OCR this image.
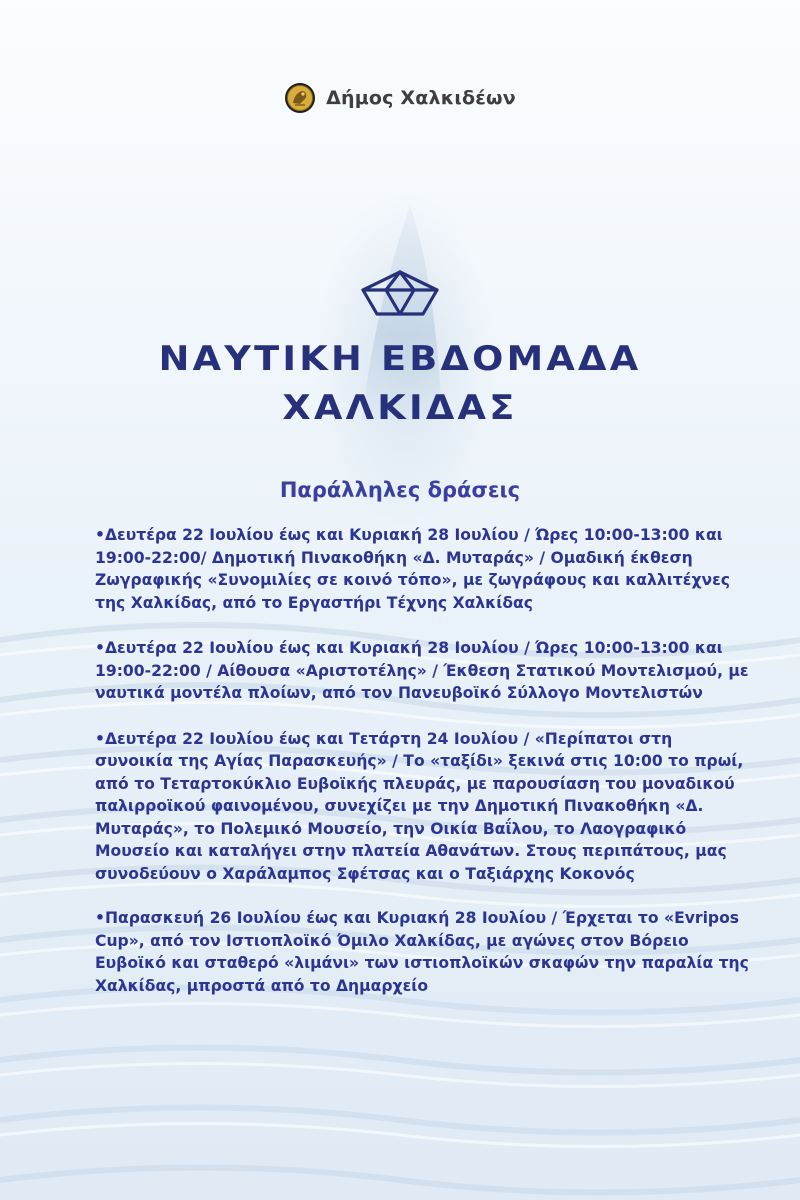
Δήμος Χαλκιδέων
ΝΑΥΤΙΚΗ ΕΒΔΟΜΑΔΑ
ΧΑΛΚΙΔΑΣ
Παράλληλες δράσεις

•Δευτέρα 22 Ιουλίου έως και Κυριακή 28 Ιουλίου / Ώρες 10:00-13:00 και 19:00-22:00/ Δημοτική Πινακοθήκη «Δ. Μυταράς» / Ομαδική έκθεση Ζωγραφικής «Συνομιλίες σε κοινό τόπο», με ζωγράφους και καλλιτέχνες της Χαλκίδας, από το Εργαστήρι Τέχνης Χαλκίδας

•Δευτέρα 22 Ιουλίου έως και Κυριακή 28 Ιουλίου / Ώρες 10:00-13:00 και 19:00-22:00 / Αίθουσα «Αριστοτέλης» / Έκθεση Στατικού Μοντελισμού, με ναυτικά μοντέλα πλοίων, από τον Πανευβοϊκό Σύλλογο Μοντελιστών

•Δευτέρα 22 Ιουλίου έως και Τετάρτη 24 Ιουλίου / «Περίπατοι στη συνοικία της Αγίας Παρασκευής» / Το «ταξίδι» ξεκινά στις 10:00 το πρωί, από το Τεταρτοκύκλιο Ευβοϊκής πλευράς, με παρουσίαση του μοναδικού παλιρροϊκού φαινομένου, συνεχίζει με την Δημοτική Πινακοθήκη «Δ. Μυταράς», το Πολεμικό Μουσείο, την Οικία Βαΐλου, το Λαογραφικό Μουσείο και καταλήγει στην πλατεία Αθανάτων. Στους περιπάτους, μας συνοδεύουν ο Χαράλαμπος Σφέτσας και ο Ταξιάρχης Κοκονός

•Παρασκευή 26 Ιουλίου έως και Κυριακή 28 Ιουλίου / Έρχεται το «Evripos Cup», από τον Ιστιοπλοϊκό Όμιλο Χαλκίδας, με αγώνες στον Βόρειο Ευβοϊκό και σταθερό «λιμάνι» των ιστιοπλοϊκών σκαφών την παραλία της Χαλκίδας, μπροστά από το Δημαρχείο
